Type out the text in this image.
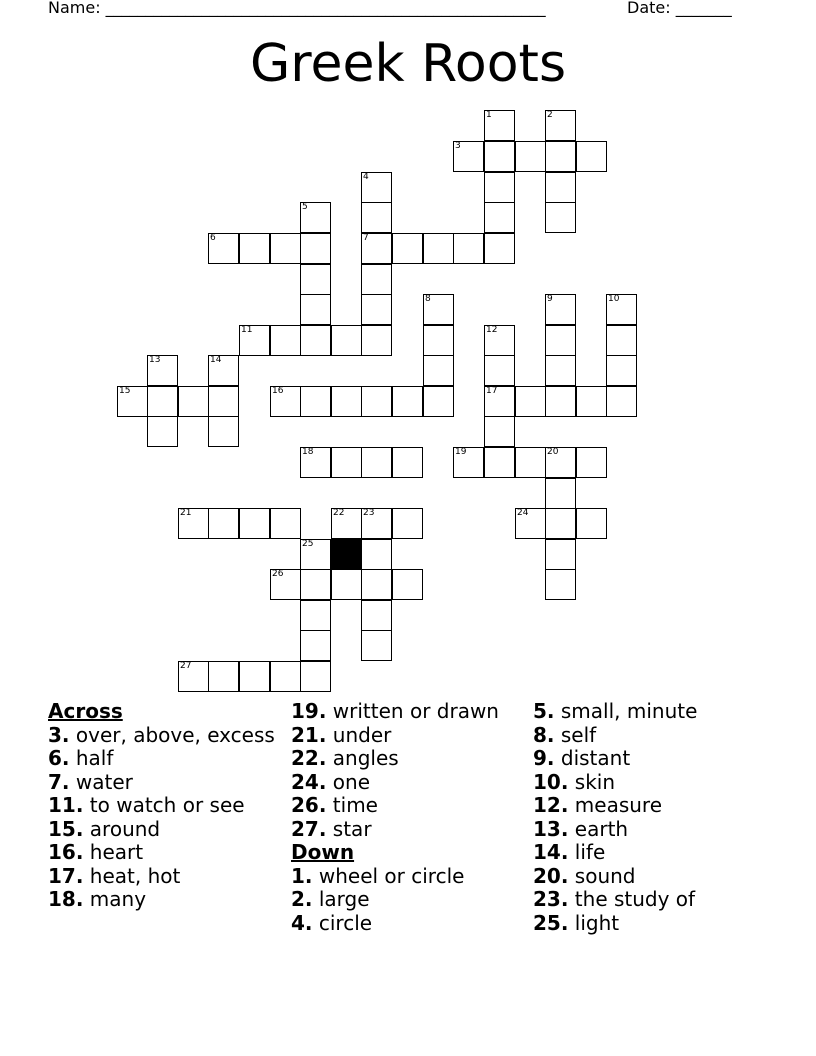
Name: _______________________________________________________	Date: _______
Greek Roots
1	2
3
4
5
6	7
8	9	10
11	12
13	14
15	16	17
18	19	20
21	22 23	24
25
26
27

Across

3. over, above, excess

6. half

7. water

11. to watch or see

15. around

16. heart

17. heat, hot

18. many

19. written or drawn

21. under

22. angles

24. one

26. time

27. star

Down

1. wheel or circle

2. large

4. circle

5. small, minute

8. self

9. distant

10. skin

12. measure

13. earth

14. life

20. sound

23. the study of

25. light
